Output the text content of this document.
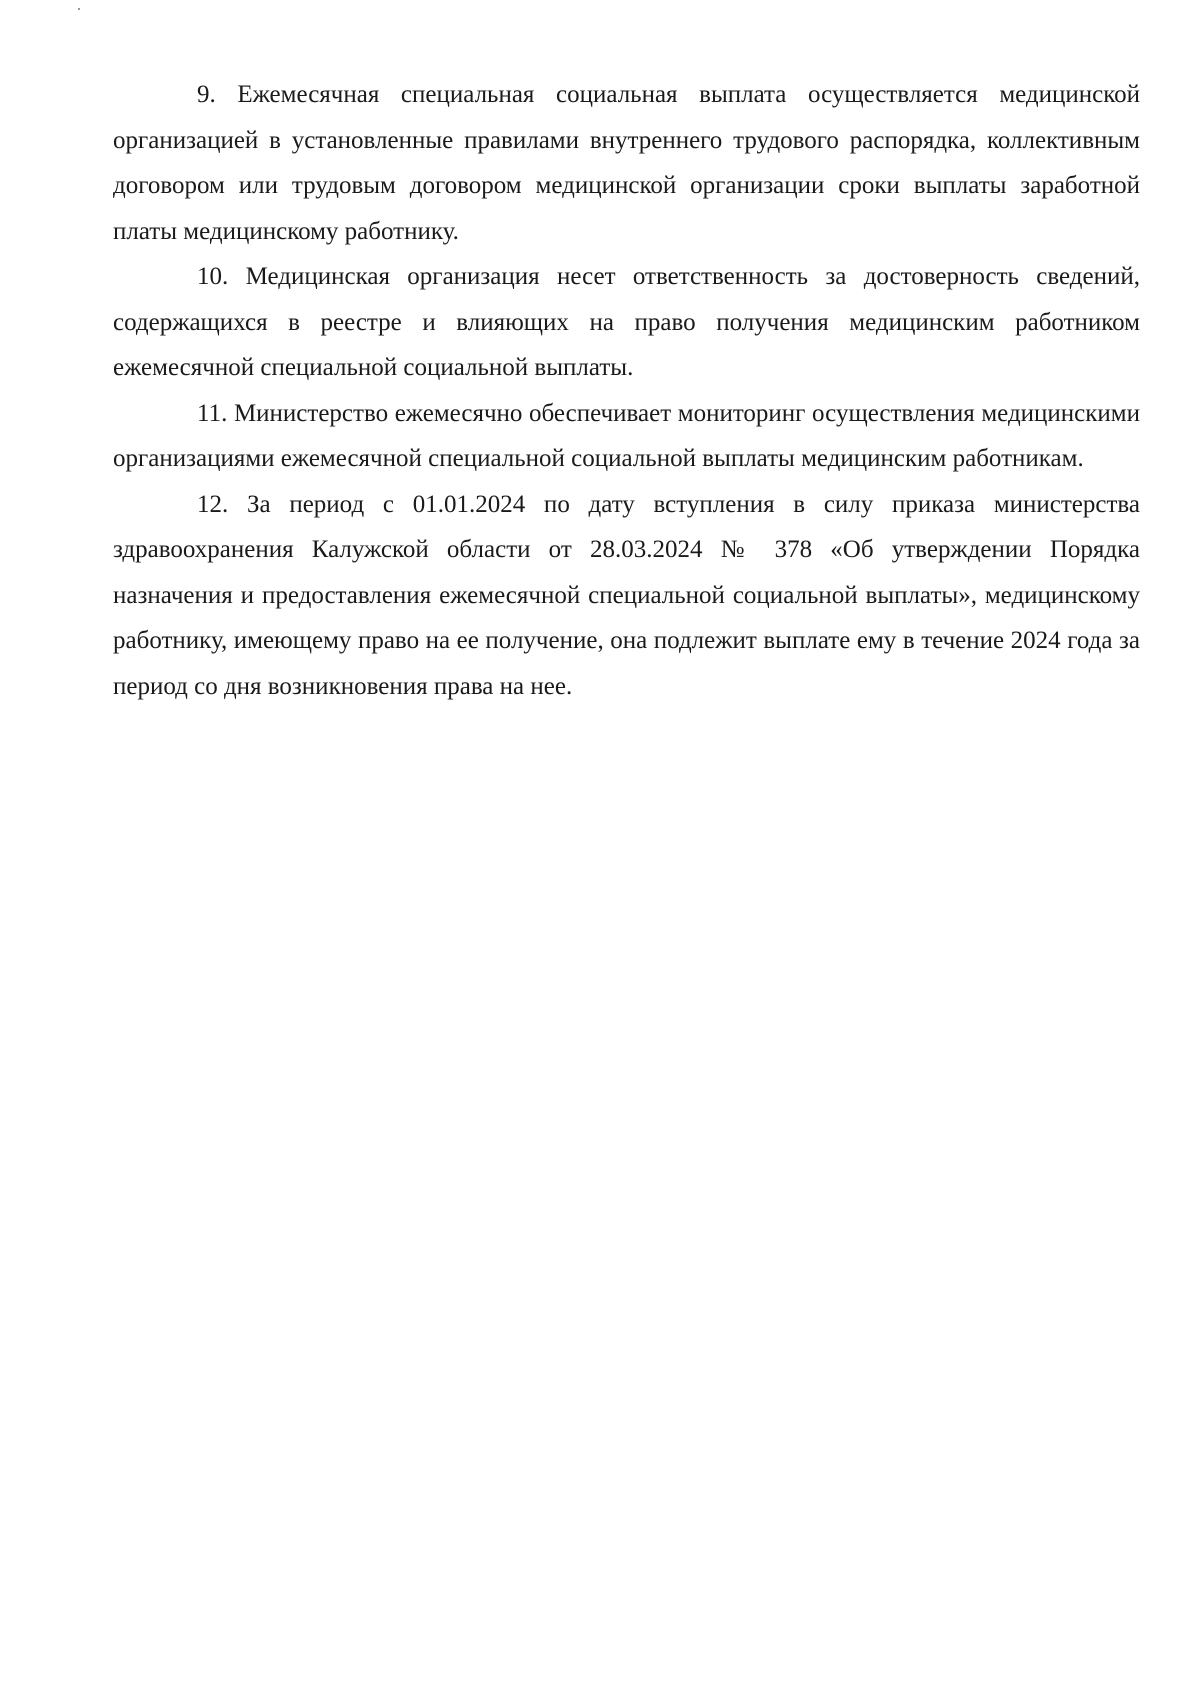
9. Ежемесячная специальная социальная выплата осуществляется медицинской организацией в установленные правилами внутреннего трудового распорядка, коллективным договором или трудовым договором медицинской организации сроки выплаты заработной платы медицинскому работнику.

10. Медицинская организация несет ответственность за достоверность сведений, содержащихся в реестре и влияющих на право получения медицинским работником ежемесячной специальной социальной выплаты.

11. Министерство ежемесячно обеспечивает мониторинг осуществления медицинскими организациями ежемесячной специальной социальной выплаты медицинским работникам.

12. За период с 01.01.2024 по дату вступления в силу приказа министерства здравоохранения Калужской области от 28.03.2024 № 378 «Об утверждении Порядка назначения и предоставления ежемесячной специальной социальной выплаты», медицинскому работнику, имеющему право на ее получение, она подлежит выплате ему в течение 2024 года за период со дня возникновения права на нее.
